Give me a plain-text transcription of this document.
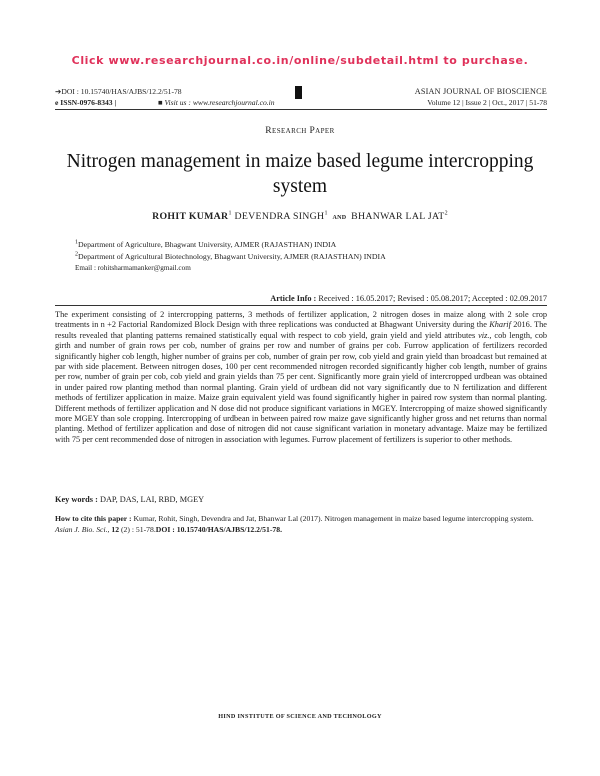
Click www.researchjournal.co.in/online/subdetail.html to purchase.
➔DOI : 10.15740/HAS/AJBS/12.2/51-78	ASIAN JOURNAL OF BIOSCIENCE
e ISSN-0976-8343 |	■ Visit us : www.researchjournal.co.in	Volume 12 | Issue 2 | Oct., 2017 | 51-78
Research Paper
Nitrogen management in maize based legume intercropping system
ROHIT KUMAR$^1$ DEVENDRA SINGH$^1$ and BHANWAR LAL JAT$^2$
$^1$Department of Agriculture, Bhagwant University, AJMER (RAJASTHAN) INDIA
$^2$Department of Agricultural Biotechnology, Bhagwant University, AJMER (RAJASTHAN) INDIA
Email : rohitsharmamanker@gmail.com
Article Info : Received : 16.05.2017; Revised : 05.08.2017; Accepted : 02.09.2017
The experiment consisting of 2 intercropping patterns, 3 methods of fertilizer application, 2 nitrogen doses in maize along with 2 sole crop treatments in n +2 Factorial Randomized Block Design with three replications was conducted at Bhagwant University during the Kharif 2016. The results revealed that planting patterns remained statistically equal with respect to cob yield, grain yield and yield attributes viz., cob length, cob girth and number of grain rows per cob, number of grains per row and number of grains per cob. Furrow application of fertilizers recorded significantly higher cob length, higher number of grains per cob, number of grain per row, cob yield and grain yield than broadcast but remained at par with side placement. Between nitrogen doses, 100 per cent recommended nitrogen recorded significantly higher cob length, number of grains per row, number of grain per cob, cob yield and grain yields than 75 per cent. Significantly more grain yield of intercropped urdbean was obtained in under paired row planting method than normal planting. Grain yield of urdbean did not vary significantly due to N fertilization and different methods of fertilizer application in maize. Maize grain equivalent yield was found significantly higher in paired row system than normal planting. Different methods of fertilizer application and N dose did not produce significant variations in MGEY. Intercropping of maize showed significantly more MGEY than sole cropping. Intercropping of urdbean in between paired row maize gave significantly higher gross and net returns than normal planting. Method of fertilizer application and dose of nitrogen did not cause significant variation in monetary advantage. Maize may be fertilized with 75 per cent recommended dose of nitrogen in association with legumes. Furrow placement of fertilizers is superior to other methods.
Key words : DAP, DAS, LAI, RBD, MGEY
How to cite this paper : Kumar, Rohit, Singh, Devendra and Jat, Bhanwar Lal (2017). Nitrogen management in maize based legume intercropping system. Asian J. Bio. Sci., 12 (2) : 51-78.DOI : 10.15740/HAS/AJBS/12.2/51-78.
HIND INSTITUTE OF SCIENCE AND TECHNOLOGY
